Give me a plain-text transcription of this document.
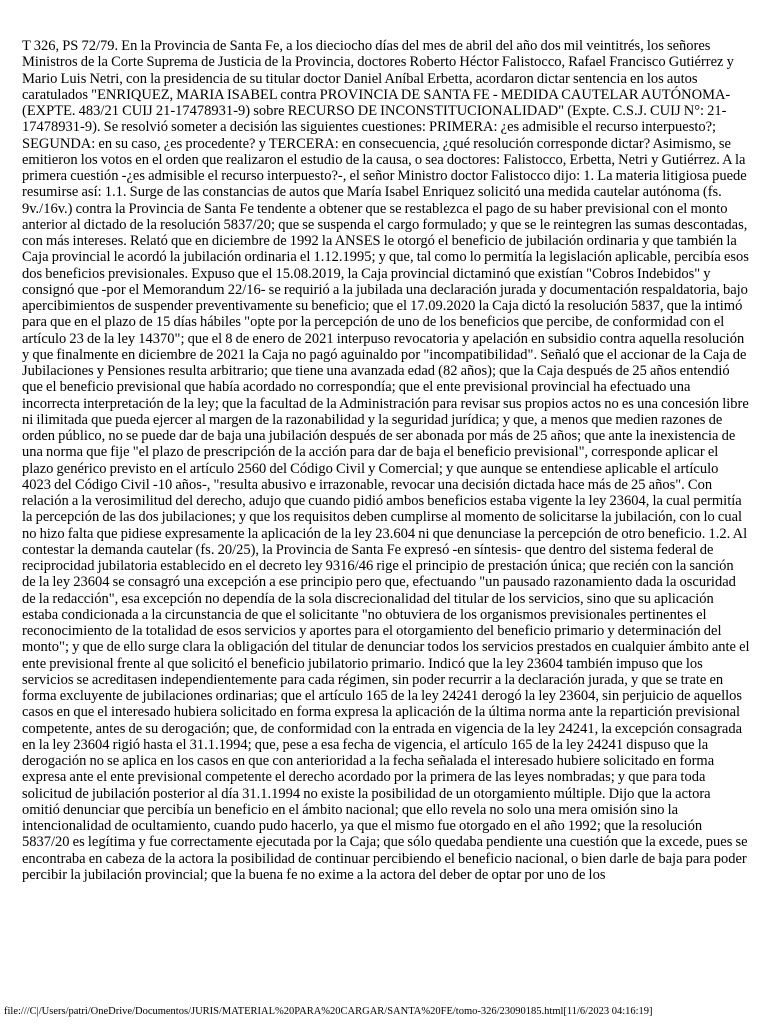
T 326, PS 72/79. En la Provincia de Santa Fe, a los dieciocho días del mes de abril del año dos mil veintitrés, los señores Ministros de la Corte Suprema de Justicia de la Provincia, doctores Roberto Héctor Falistocco, Rafael Francisco Gutiérrez y Mario Luis Netri, con la presidencia de su titular doctor Daniel Aníbal Erbetta, acordaron dictar sentencia en los autos caratulados "ENRIQUEZ, MARIA ISABEL contra PROVINCIA DE SANTA FE - MEDIDA CAUTELAR AUTÓNOMA- (EXPTE. 483/21 CUIJ 21-17478931-9) sobre RECURSO DE INCONSTITUCIONALIDAD" (Expte. C.S.J. CUIJ N°: 21-17478931-9). Se resolvió someter a decisión las siguientes cuestiones: PRIMERA: ¿es admisible el recurso interpuesto?; SEGUNDA: en su caso, ¿es procedente? y TERCERA: en consecuencia, ¿qué resolución corresponde dictar? Asimismo, se emitieron los votos en el orden que realizaron el estudio de la causa, o sea doctores: Falistocco, Erbetta, Netri y Gutiérrez. A la primera cuestión -¿es admisible el recurso interpuesto?-, el señor Ministro doctor Falistocco dijo: 1. La materia litigiosa puede resumirse así: 1.1. Surge de las constancias de autos que María Isabel Enriquez solicitó una medida cautelar autónoma (fs. 9v./16v.) contra la Provincia de Santa Fe tendente a obtener que se restablezca el pago de su haber previsional con el monto anterior al dictado de la resolución 5837/20; que se suspenda el cargo formulado; y que se le reintegren las sumas descontadas, con más intereses. Relató que en diciembre de 1992 la ANSES le otorgó el beneficio de jubilación ordinaria y que también la Caja provincial le acordó la jubilación ordinaria el 1.12.1995; y que, tal como lo permitía la legislación aplicable, percibía esos dos beneficios previsionales. Expuso que el 15.08.2019, la Caja provincial dictaminó que existían "Cobros Indebidos" y consignó que -por el Memorandum 22/16- se requirió a la jubilada una declaración jurada y documentación respaldatoria, bajo apercibimientos de suspender preventivamente su beneficio; que el 17.09.2020 la Caja dictó la resolución 5837, que la intimó para que en el plazo de 15 días hábiles "opte por la percepción de uno de los beneficios que percibe, de conformidad con el artículo 23 de la ley 14370"; que el 8 de enero de 2021 interpuso revocatoria y apelación en subsidio contra aquella resolución y que finalmente en diciembre de 2021 la Caja no pagó aguinaldo por "incompatibilidad". Señaló que el accionar de la Caja de Jubilaciones y Pensiones resulta arbitrario; que tiene una avanzada edad (82 años); que la Caja después de 25 años entendió que el beneficio previsional que había acordado no correspondía; que el ente previsional provincial ha efectuado una incorrecta interpretación de la ley; que la facultad de la Administración para revisar sus propios actos no es una concesión libre ni ilimitada que pueda ejercer al margen de la razonabilidad y la seguridad jurídica; y que, a menos que medien razones de orden público, no se puede dar de baja una jubilación después de ser abonada por más de 25 años; que ante la inexistencia de una norma que fije "el plazo de prescripción de la acción para dar de baja el beneficio previsional", corresponde aplicar el plazo genérico previsto en el artículo 2560 del Código Civil y Comercial; y que aunque se entendiese aplicable el artículo 4023 del Código Civil -10 años-, "resulta abusivo e irrazonable, revocar una decisión dictada hace más de 25 años". Con relación a la verosimilitud del derecho, adujo que cuando pidió ambos beneficios estaba vigente la ley 23604, la cual permitía la percepción de las dos jubilaciones; y que los requisitos deben cumplirse al momento de solicitarse la jubilación, con lo cual no hizo falta que pidiese expresamente la aplicación de la ley 23.604 ni que denunciase la percepción de otro beneficio. 1.2. Al contestar la demanda cautelar (fs. 20/25), la Provincia de Santa Fe expresó -en síntesis- que dentro del sistema federal de reciprocidad jubilatoria establecido en el decreto ley 9316/46 rige el principio de prestación única; que recién con la sanción de la ley 23604 se consagró una excepción a ese principio pero que, efectuando "un pausado razonamiento dada la oscuridad de la redacción", esa excepción no dependía de la sola discrecionalidad del titular de los servicios, sino que su aplicación estaba condicionada a la circunstancia de que el solicitante "no obtuviera de los organismos previsionales pertinentes el reconocimiento de la totalidad de esos servicios y aportes para el otorgamiento del beneficio primario y determinación del monto"; y que de ello surge clara la obligación del titular de denunciar todos los servicios prestados en cualquier ámbito ante el ente previsional frente al que solicitó el beneficio jubilatorio primario. Indicó que la ley 23604 también impuso que los servicios se acreditasen independientemente para cada régimen, sin poder recurrir a la declaración jurada, y que se trate en forma excluyente de jubilaciones ordinarias; que el artículo 165 de la ley 24241 derogó la ley 23604, sin perjuicio de aquellos casos en que el interesado hubiera solicitado en forma expresa la aplicación de la última norma ante la repartición previsional competente, antes de su derogación; que, de conformidad con la entrada en vigencia de la ley 24241, la excepción consagrada en la ley 23604 rigió hasta el 31.1.1994; que, pese a esa fecha de vigencia, el artículo 165 de la ley 24241 dispuso que la derogación no se aplica en los casos en que con anterioridad a la fecha señalada el interesado hubiere solicitado en forma expresa ante el ente previsional competente el derecho acordado por la primera de las leyes nombradas; y que para toda solicitud de jubilación posterior al día 31.1.1994 no existe la posibilidad de un otorgamiento múltiple. Dijo que la actora omitió denunciar que percibía un beneficio en el ámbito nacional; que ello revela no solo una mera omisión sino la intencionalidad de ocultamiento, cuando pudo hacerlo, ya que el mismo fue otorgado en el año 1992; que la resolución 5837/20 es legítima y fue correctamente ejecutada por la Caja; que sólo quedaba pendiente una cuestión que la excede, pues se encontraba en cabeza de la actora la posibilidad de continuar percibiendo el beneficio nacional, o bien darle de baja para poder percibir la jubilación provincial; que la buena fe no exime a la actora del deber de optar por uno de los

file:///C|/Users/patri/OneDrive/Documentos/JURIS/MATERIAL%20PARA%20CARGAR/SANTA%20FE/tomo-326/23090185.html[11/6/2023 04:16:19]
